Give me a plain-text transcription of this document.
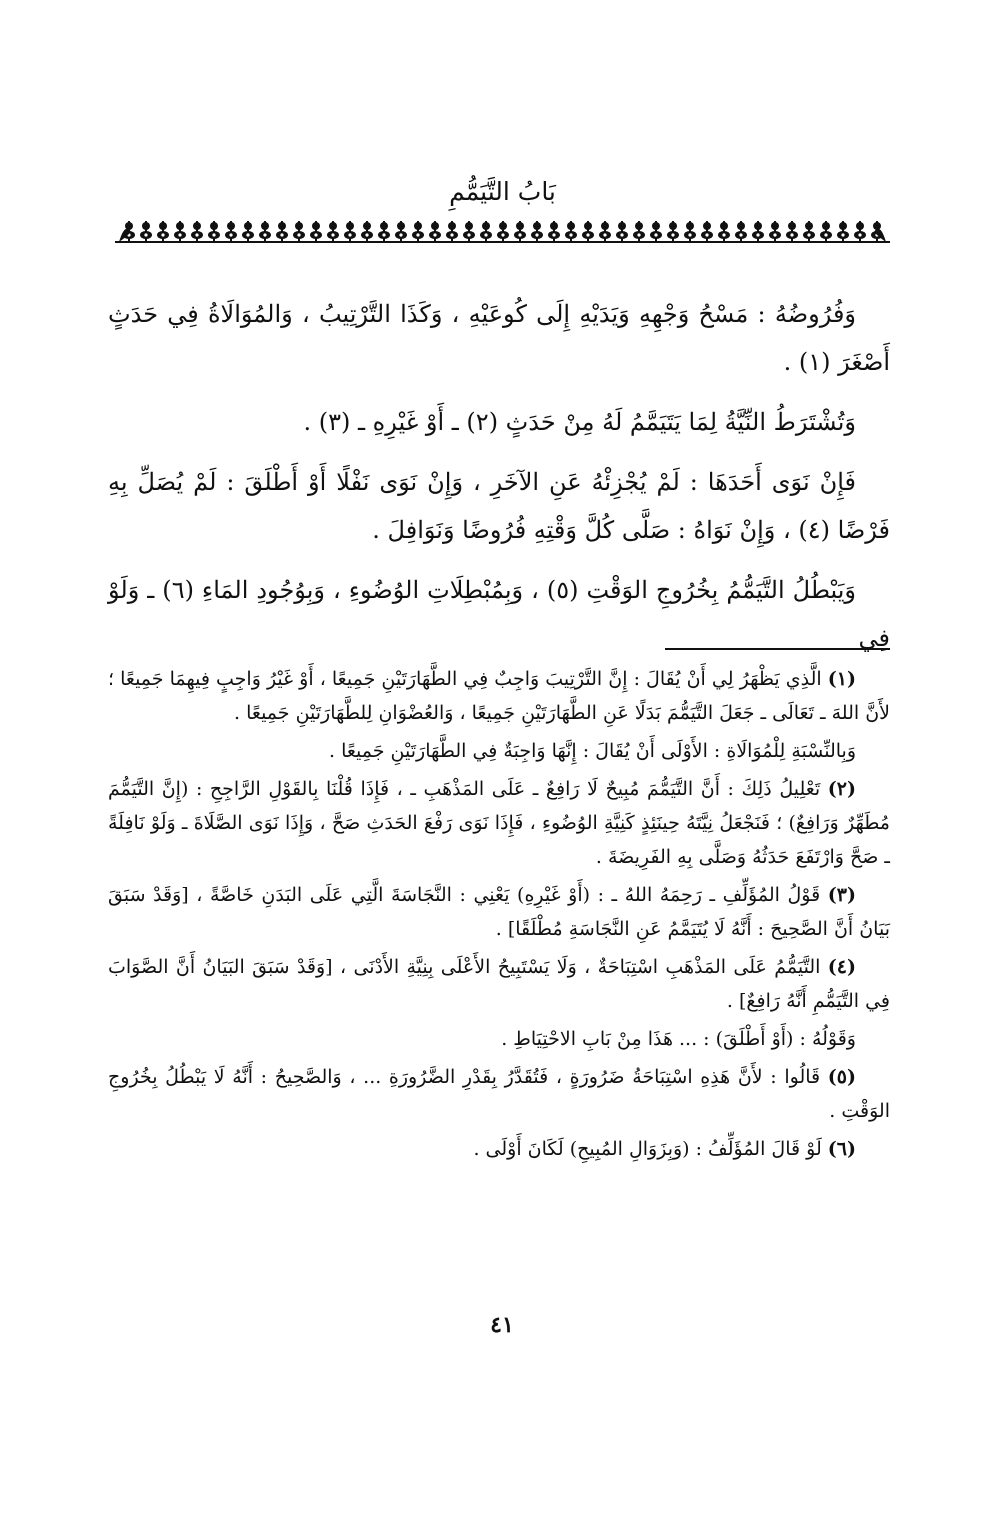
بَابُ التَّيَمُّمِ

وَفُرُوضُهُ : مَسْحُ وَجْهِهِ وَيَدَيْهِ إِلَى كُوعَيْهِ ، وَكَذَا التَّرْتِيبُ ، وَالمُوَالَاةُ فِي حَدَثٍ أَصْغَرَ (١) .

وَتُشْتَرَطُ النِّيَّةُ لِمَا يَتَيَمَّمُ لَهُ مِنْ حَدَثٍ (٢) ـ أَوْ غَيْرِهِ ـ (٣) .

فَإِنْ نَوَى أَحَدَهَا : لَمْ يُجْزِئْهُ عَنِ الآخَرِ ، وَإِنْ نَوَى نَفْلًا أَوْ أَطْلَقَ : لَمْ يُصَلِّ بِهِ فَرْضًا (٤) ، وَإِنْ نَوَاهُ : صَلَّى كُلَّ وَقْتِهِ فُرُوضًا وَنَوَافِلَ .

وَيَبْطُلُ التَّيَمُّمُ بِخُرُوجِ الوَقْتِ (٥) ، وَبِمُبْطِلَاتِ الوُضُوءِ ، وَبِوُجُودِ المَاءِ (٦) ـ وَلَوْ فِي

(١) الَّذِي يَظْهَرُ لِي أَنْ يُقَالَ : إِنَّ التَّرْتِيبَ وَاجِبٌ فِي الطَّهَارَتَيْنِ جَمِيعًا ، أَوْ غَيْرُ وَاجِبٍ فِيهِمَا جَمِيعًا ؛ لأَنَّ اللهَ ـ تَعَالَى ـ جَعَلَ التَّيَمُّمَ بَدَلًا عَنِ الطَّهَارَتَيْنِ جَمِيعًا ، وَالعُضْوَانِ لِلطَّهَارَتَيْنِ جَمِيعًا .

وَبِالنِّسْبَةِ لِلْمُوَالَاةِ : الأَوْلَى أَنْ يُقَالَ : إِنَّهَا وَاجِبَةٌ فِي الطَّهَارَتَيْنِ جَمِيعًا .

(٢) تَعْلِيلُ ذَلِكَ : أَنَّ التَّيَمُّمَ مُبِيحٌ لَا رَافِعٌ ـ عَلَى المَذْهَبِ ـ ، فَإِذَا قُلْنَا بِالقَوْلِ الرَّاجِحِ : (إِنَّ التَّيَمُّمَ مُطَهِّرٌ وَرَافِعٌ) ؛ فَنَجْعَلُ نِيَّتَهُ حِينَئِذٍ كَنِيَّةِ الوُضُوءِ ، فَإِذَا نَوَى رَفْعَ الحَدَثِ صَحَّ ، وَإِذَا نَوَى الصَّلَاةَ ـ وَلَوْ نَافِلَةً ـ صَحَّ وَارْتَفَعَ حَدَثُهُ وَصَلَّى بِهِ الفَرِيضَةَ .

(٣) قَوْلُ المُؤَلِّفِ ـ رَحِمَهُ اللهُ ـ : (أَوْ غَيْرِهِ) يَعْنِي : النَّجَاسَةَ الَّتِي عَلَى البَدَنِ خَاصَّةً ، [وَقَدْ سَبَقَ بَيَانُ أَنَّ الصَّحِيحَ : أَنَّهُ لَا يُتَيَمَّمُ عَنِ النَّجَاسَةِ مُطْلَقًا] .

(٤) التَّيَمُّمُ عَلَى المَذْهَبِ اسْتِبَاحَةٌ ، وَلَا يَسْتَبِيحُ الأَعْلَى بِنِيَّةِ الأَدْنَى ، [وَقَدْ سَبَقَ البَيَانُ أَنَّ الصَّوَابَ فِي التَّيَمُّمِ أَنَّهُ رَافِعٌ] .

وَقَوْلُهُ : (أَوْ أَطْلَقَ) : ... هَذَا مِنْ بَابِ الاحْتِيَاطِ .

(٥) قَالُوا : لأَنَّ هَذِهِ اسْتِبَاحَةُ ضَرُورَةٍ ، فَتُقَدَّرُ بِقَدْرِ الضَّرُورَةِ ... ، وَالصَّحِيحُ : أَنَّهُ لَا يَبْطُلُ بِخُرُوجِ الوَقْتِ .

(٦) لَوْ قَالَ المُؤَلِّفُ : (وَبِزَوَالِ المُبِيحِ) لَكَانَ أَوْلَى .

٤١
